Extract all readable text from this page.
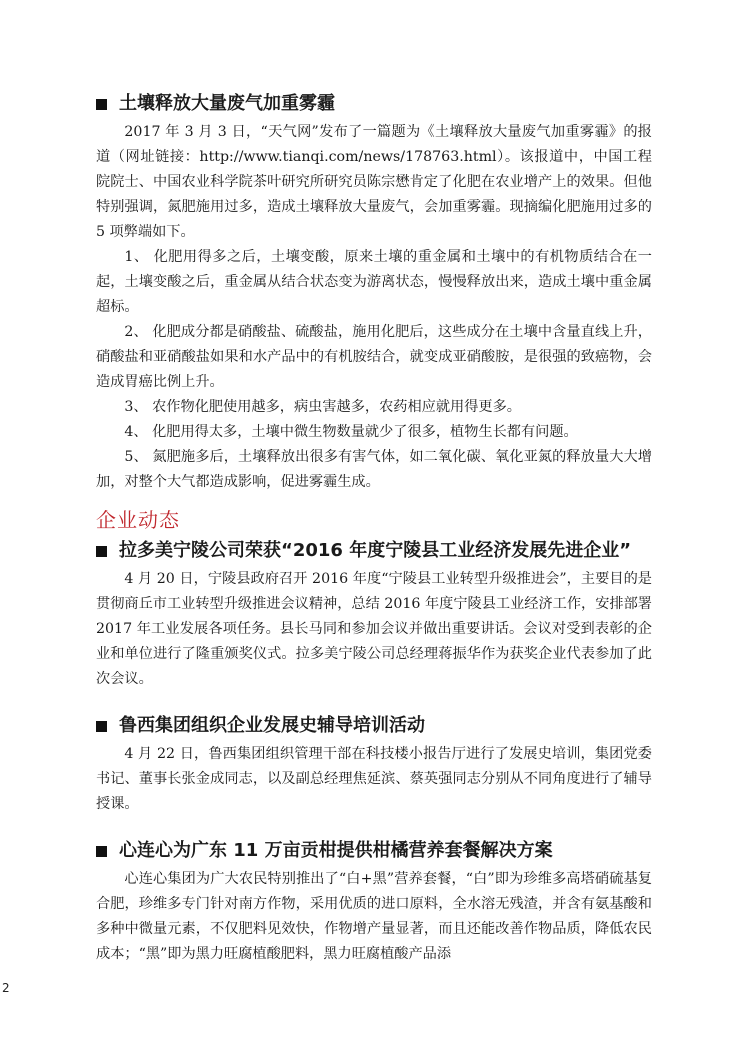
土壤释放大量废气加重雾霾

2017 年 3 月 3 日，“天气网”发布了一篇题为《土壤释放大量废气加重雾霾》的报道（网址链接：http://www.tianqi.com/news/178763.html）。该报道中，中国工程院院士、中国农业科学院茶叶研究所研究员陈宗懋肯定了化肥在农业增产上的效果。但他特别强调，氮肥施用过多，造成土壤释放大量废气，会加重雾霾。现摘编化肥施用过多的 5 项弊端如下。

1、 化肥用得多之后，土壤变酸，原来土壤的重金属和土壤中的有机物质结合在一起，土壤变酸之后，重金属从结合状态变为游离状态，慢慢释放出来，造成土壤中重金属超标。

2、 化肥成分都是硝酸盐、硫酸盐，施用化肥后，这些成分在土壤中含量直线上升，硝酸盐和亚硝酸盐如果和水产品中的有机胺结合，就变成亚硝酸胺，是很强的致癌物，会造成胃癌比例上升。

3、 农作物化肥使用越多，病虫害越多，农药相应就用得更多。

4、 化肥用得太多，土壤中微生物数量就少了很多，植物生长都有问题。

5、 氮肥施多后，土壤释放出很多有害气体，如二氧化碳、氧化亚氮的释放量大大增加，对整个大气都造成影响，促进雾霾生成。

企业动态
拉多美宁陵公司荣获“2016 年度宁陵县工业经济发展先进企业”

4 月 20 日，宁陵县政府召开 2016 年度“宁陵县工业转型升级推进会”，主要目的是贯彻商丘市工业转型升级推进会议精神，总结 2016 年度宁陵县工业经济工作，安排部署 2017 年工业发展各项任务。县长马同和参加会议并做出重要讲话。会议对受到表彰的企业和单位进行了隆重颁奖仪式。拉多美宁陵公司总经理蒋振华作为获奖企业代表参加了此次会议。

鲁西集团组织企业发展史辅导培训活动

4 月 22 日，鲁西集团组织管理干部在科技楼小报告厅进行了发展史培训，集团党委书记、董事长张金成同志，以及副总经理焦延滨、蔡英强同志分别从不同角度进行了辅导授课。

心连心为广东 11 万亩贡柑提供柑橘营养套餐解决方案

心连心集团为广大农民特别推出了“白+黑”营养套餐，“白”即为珍维多高塔硝硫基复合肥，珍维多专门针对南方作物，采用优质的进口原料，全水溶无残渣，并含有氨基酸和多种中微量元素，不仅肥料见效快，作物增产量显著，而且还能改善作物品质，降低农民成本；“黑”即为黑力旺腐植酸肥料，黑力旺腐植酸产品添

2
